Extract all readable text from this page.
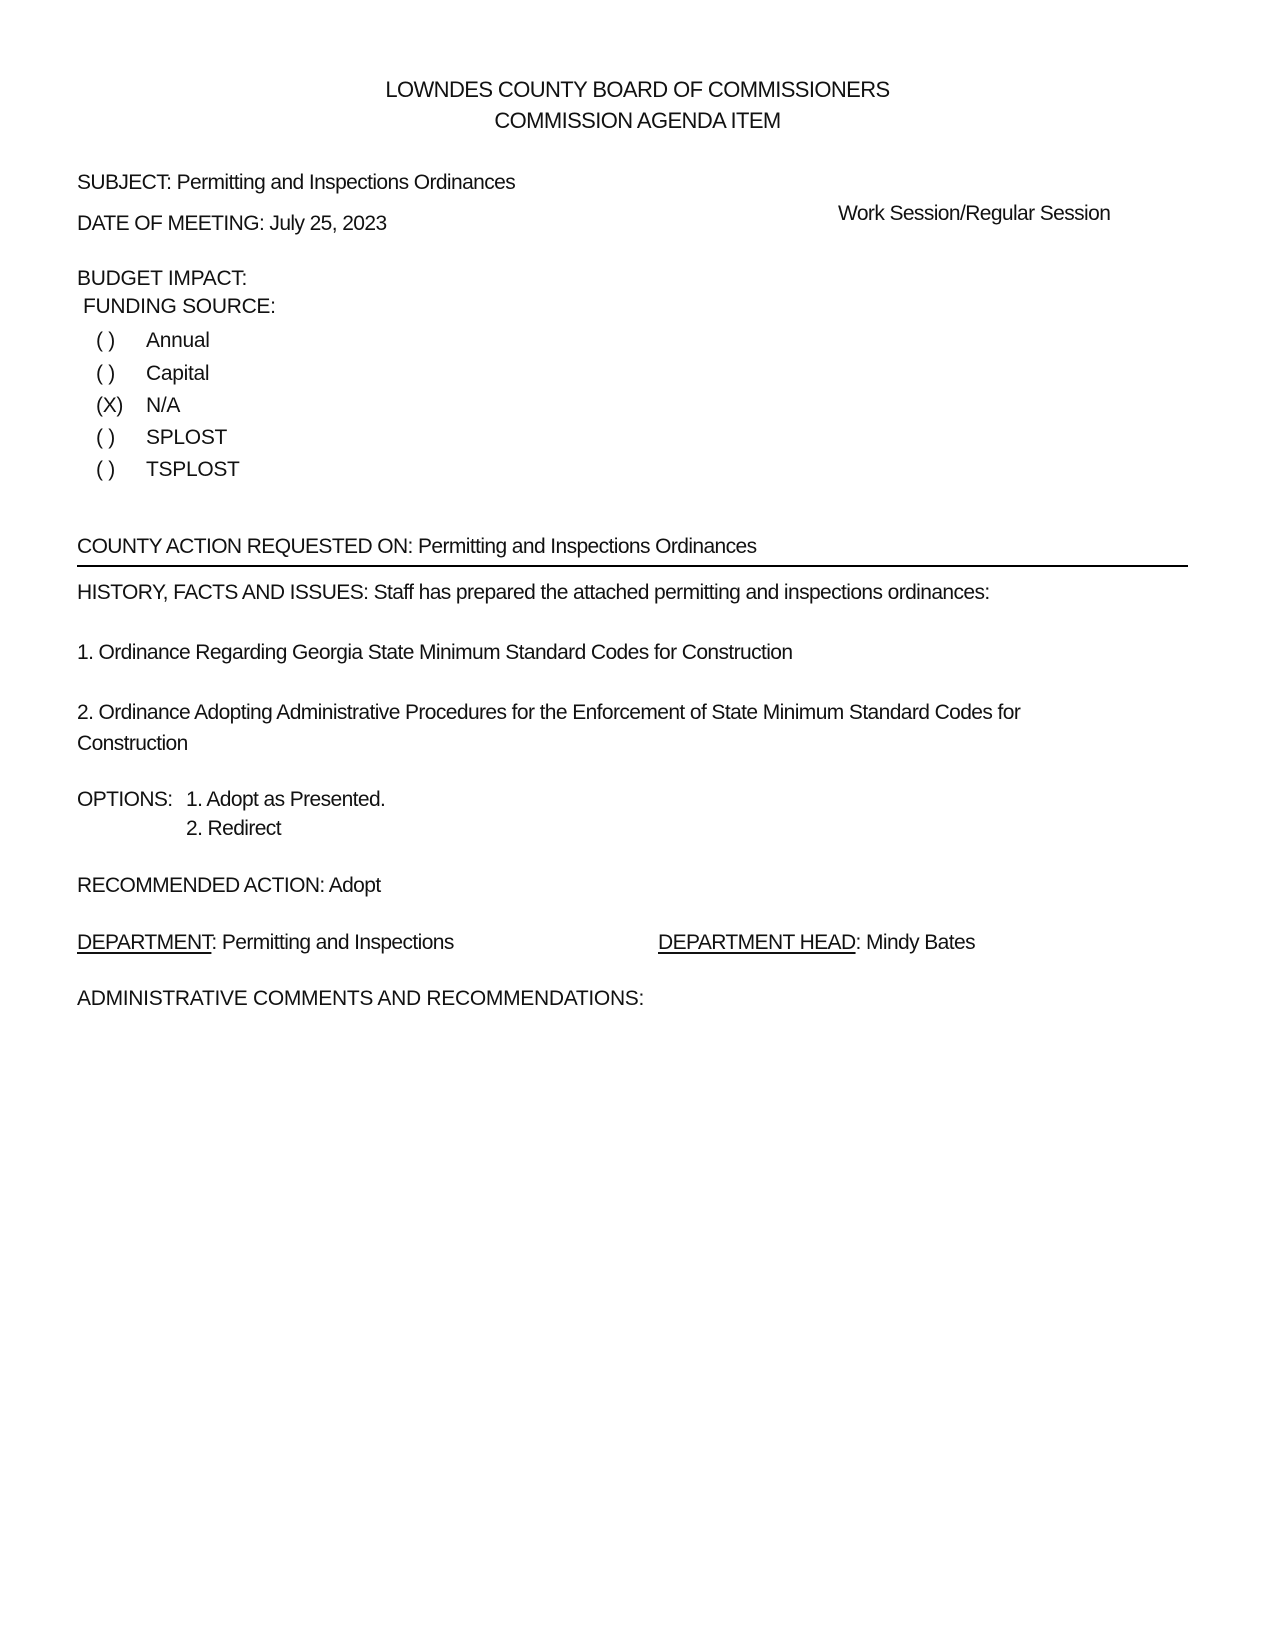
LOWNDES COUNTY BOARD OF COMMISSIONERS
COMMISSION AGENDA ITEM
SUBJECT: Permitting and Inspections Ordinances
DATE OF MEETING: July 25, 2023	Work Session/Regular Session
BUDGET IMPACT:
FUNDING SOURCE:
( )	Annual
( )	Capital
(X)	N/A
( )	SPLOST
( )	TSPLOST
COUNTY ACTION REQUESTED ON: Permitting and Inspections Ordinances
HISTORY, FACTS AND ISSUES: Staff has prepared the attached permitting and inspections ordinances:
1. Ordinance Regarding Georgia State Minimum Standard Codes for Construction
2. Ordinance Adopting Administrative Procedures for the Enforcement of State Minimum Standard Codes for
Construction
OPTIONS: 1. Adopt as Presented.
2. Redirect
RECOMMENDED ACTION: Adopt
DEPARTMENT: Permitting and Inspections	DEPARTMENT HEAD: Mindy Bates
ADMINISTRATIVE COMMENTS AND RECOMMENDATIONS:
